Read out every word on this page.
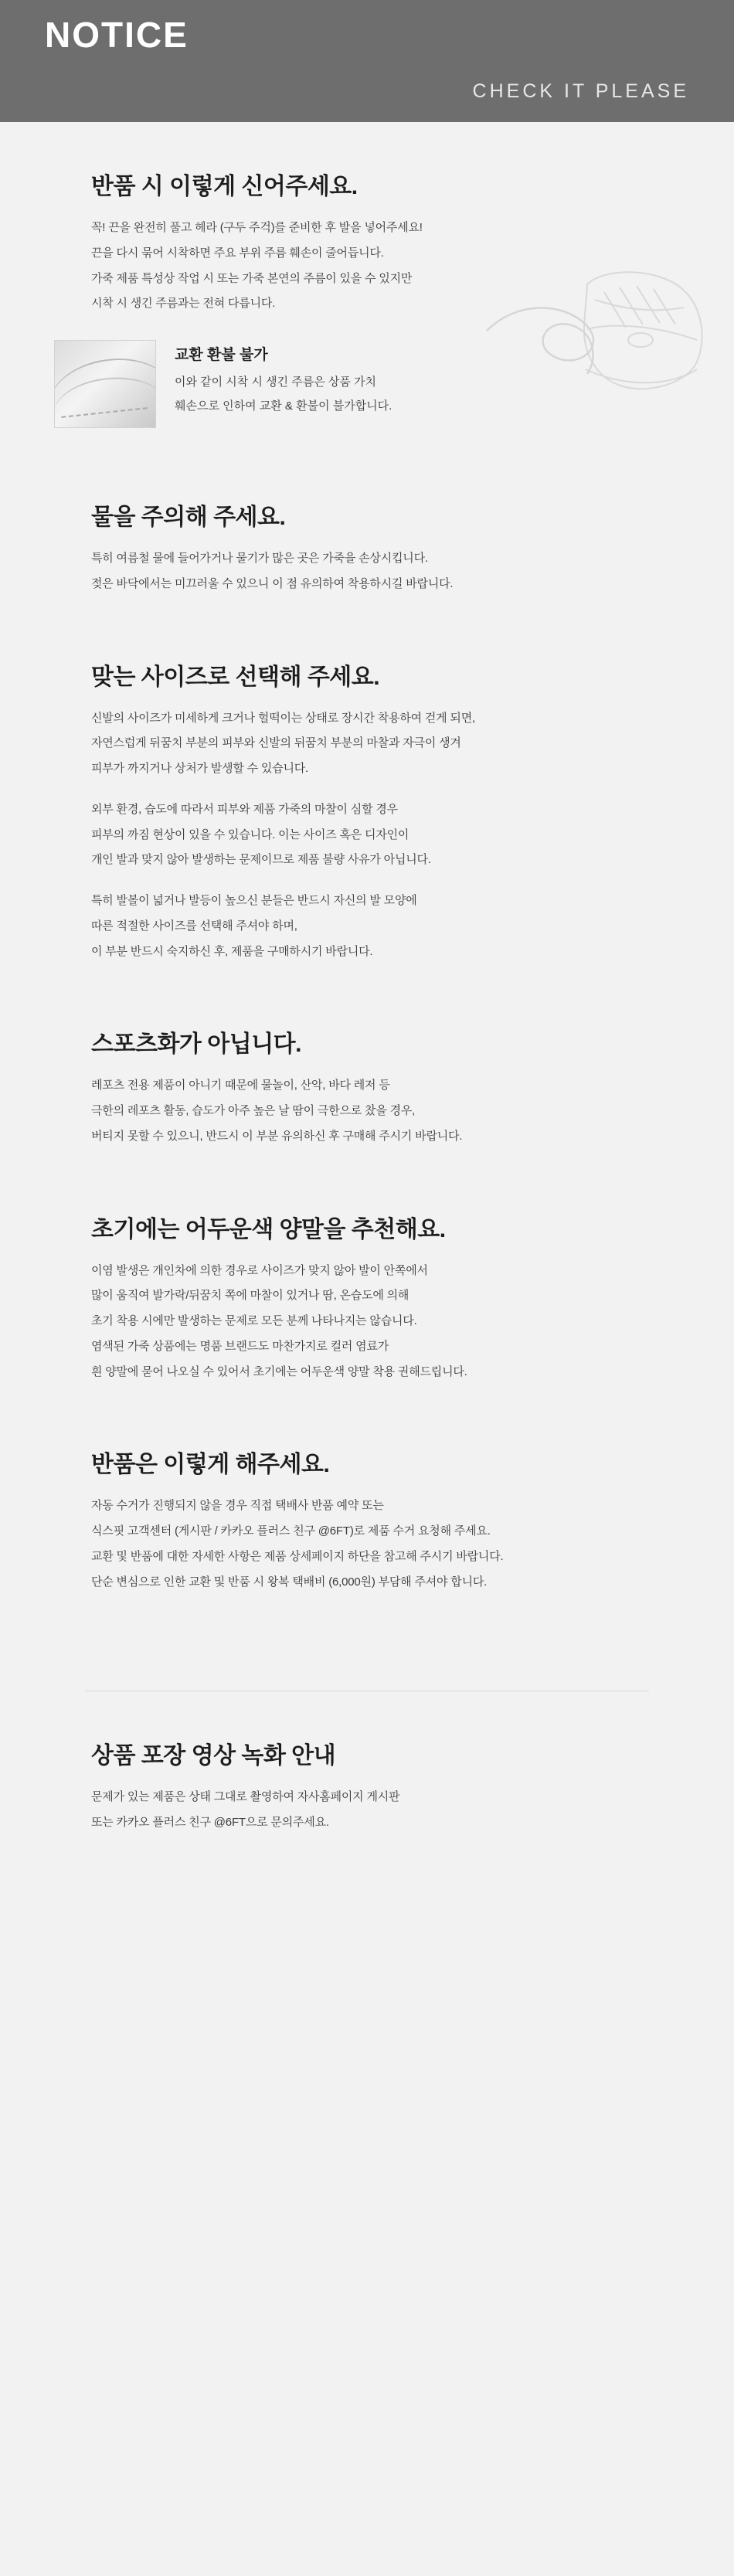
NOTICE
CHECK IT PLEASE
반품 시 이렇게 신어주세요.

꼭! 끈을 완전히 풀고 헤라 (구두 주걱)를 준비한 후 발을 넣어주세요!

끈을 다시 묶어 시착하면 주요 부위 주름 훼손이 줄어듭니다.

가죽 제품 특성상 작업 시 또는 가죽 본연의 주름이 있을 수 있지만

시착 시 생긴 주름과는 전혀 다릅니다.

교환 환불 불가
이와 같이 시착 시 생긴 주름은 상품 가치
훼손으로 인하여 교환 & 환불이 불가합니다.
물을 주의해 주세요.

특히 여름철 물에 들어가거나 물기가 많은 곳은 가죽을 손상시킵니다.

젖은 바닥에서는 미끄러울 수 있으니 이 점 유의하여 착용하시길 바랍니다.

맞는 사이즈로 선택해 주세요.

신발의 사이즈가 미세하게 크거나 헐떡이는 상태로 장시간 착용하여 걷게 되면,

자연스럽게 뒤꿈치 부분의 피부와 신발의 뒤꿈치 부분의 마찰과 자극이 생겨

피부가 까지거나 상처가 발생할 수 있습니다.

외부 환경, 습도에 따라서 피부와 제품 가죽의 마찰이 심할 경우

피부의 까짐 현상이 있을 수 있습니다. 이는 사이즈 혹은 디자인이

개인 발과 맞지 않아 발생하는 문제이므로 제품 불량 사유가 아닙니다.

특히 발볼이 넓거나 발등이 높으신 분들은 반드시 자신의 발 모양에

따른 적절한 사이즈를 선택해 주셔야 하며,

이 부분 반드시 숙지하신 후, 제품을 구매하시기 바랍니다.

스포츠화가 아닙니다.

레포츠 전용 제품이 아니기 때문에 물놀이, 산악, 바다 레저 등

극한의 레포츠 활동, 습도가 아주 높은 날 땀이 극한으로 찼을 경우,

버티지 못할 수 있으니, 반드시 이 부분 유의하신 후 구매해 주시기 바랍니다.

초기에는 어두운색 양말을 추천해요.

이염 발생은 개인차에 의한 경우로 사이즈가 맞지 않아 발이 안쪽에서

많이 움직여 발가락/뒤꿈치 쪽에 마찰이 있거나 땀, 온습도에 의해

초기 착용 시에만 발생하는 문제로 모든 분께 나타나지는 않습니다.

염색된 가죽 상품에는 명품 브랜드도 마찬가지로 컬러 염료가

흰 양말에 묻어 나오실 수 있어서 초기에는 어두운색 양말 착용 권해드립니다.

반품은 이렇게 해주세요.

자동 수거가 진행되지 않을 경우 직접 택배사 반품 예약 또는

식스핏 고객센터 (게시판 / 카카오 플러스 친구 @6FT)로 제품 수거 요청해 주세요.

교환 및 반품에 대한 자세한 사항은 제품 상세페이지 하단을 참고해 주시기 바랍니다.

단순 변심으로 인한 교환 및 반품 시 왕복 택배비 (6,000원) 부담해 주셔야 합니다.

상품 포장 영상 녹화 안내

문제가 있는 제품은 상태 그대로 촬영하여 자사홈페이지 게시판

또는 카카오 플러스 친구 @6FT으로 문의주세요.
